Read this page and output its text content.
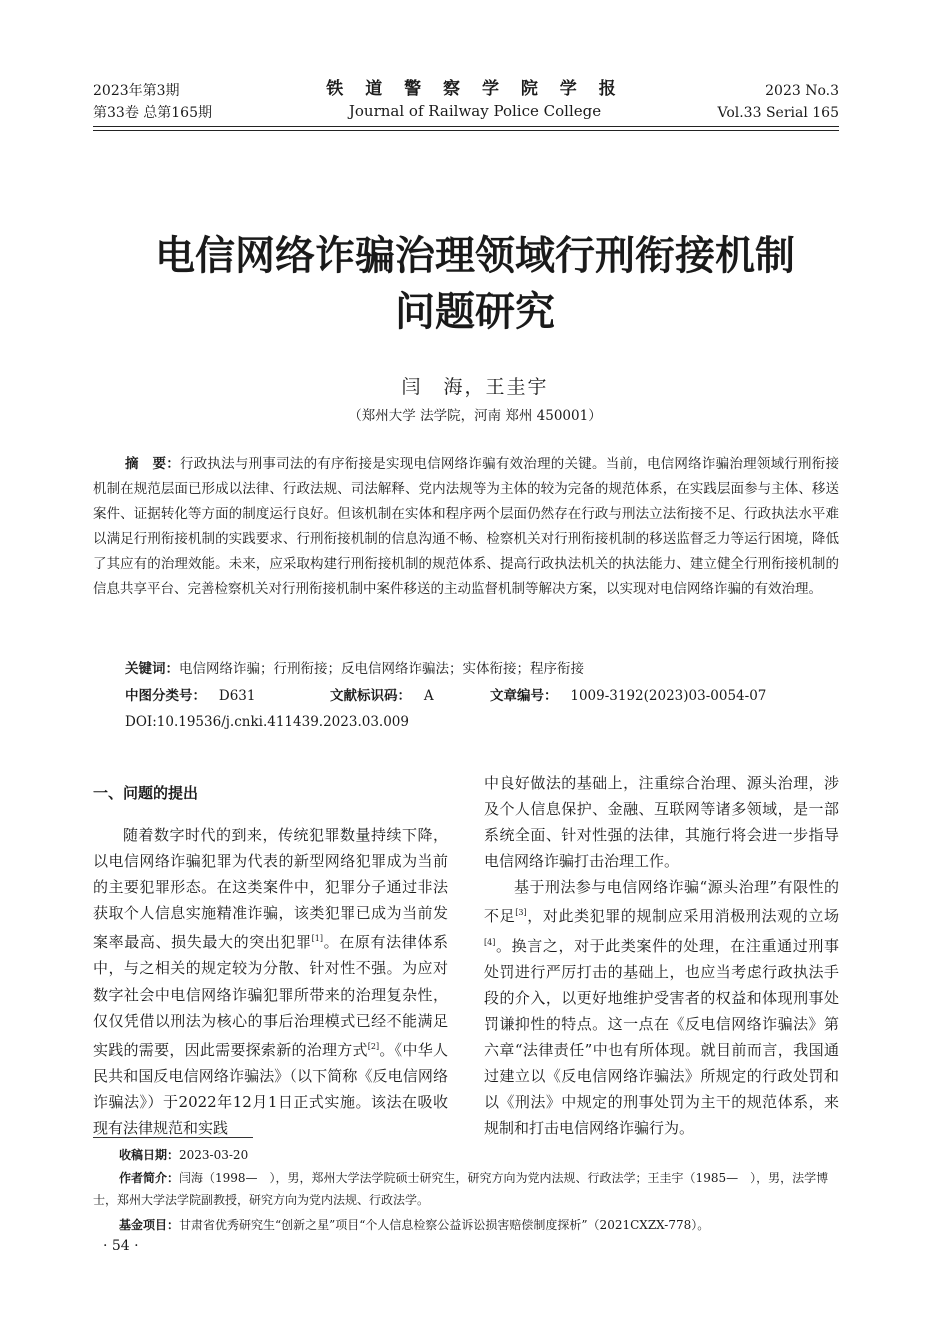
2023年第3期
第33卷 总第165期
铁 道 警 察 学 院 学 报
Journal of Railway Police College
2023 No.3
Vol.33 Serial 165
电信网络诈骗治理领域行刑衔接机制
问题研究
闫　海，王圭宇
（郑州大学 法学院，河南 郑州 450001）
摘　要：行政执法与刑事司法的有序衔接是实现电信网络诈骗有效治理的关键。当前，电信网络诈骗治理领域行刑衔接机制在规范层面已形成以法律、行政法规、司法解释、党内法规等为主体的较为完备的规范体系，在实践层面参与主体、移送案件、证据转化等方面的制度运行良好。但该机制在实体和程序两个层面仍然存在行政与刑法立法衔接不足、行政执法水平难以满足行刑衔接机制的实践要求、行刑衔接机制的信息沟通不畅、检察机关对行刑衔接机制的移送监督乏力等运行困境，降低了其应有的治理效能。未来，应采取构建行刑衔接机制的规范体系、提高行政执法机关的执法能力、建立健全行刑衔接机制的信息共享平台、完善检察机关对行刑衔接机制中案件移送的主动监督机制等解决方案，以实现对电信网络诈骗的有效治理。
关键词：电信网络诈骗；行刑衔接；反电信网络诈骗法；实体衔接；程序衔接
中图分类号： D631	文献标识码： A	文章编号： 1009-3192(2023)03-0054-07
DOI:10.19536/j.cnki.411439.2023.03.009
一、问题的提出

随着数字时代的到来，传统犯罪数量持续下降，以电信网络诈骗犯罪为代表的新型网络犯罪成为当前的主要犯罪形态。在这类案件中，犯罪分子通过非法获取个人信息实施精准诈骗，该类犯罪已成为当前发案率最高、损失最大的突出犯罪[1]。在原有法律体系中，与之相关的规定较为分散、针对性不强。为应对数字社会中电信网络诈骗犯罪所带来的治理复杂性，仅仅凭借以刑法为核心的事后治理模式已经不能满足实践的需要，因此需要探索新的治理方式[2]。《中华人民共和国反电信网络诈骗法》（以下简称《反电信网络诈骗法》）于2022年12月1日正式实施。该法在吸收现有法律规范和实践

中良好做法的基础上，注重综合治理、源头治理，涉及个人信息保护、金融、互联网等诸多领域，是一部系统全面、针对性强的法律，其施行将会进一步指导电信网络诈骗打击治理工作。

基于刑法参与电信网络诈骗“源头治理”有限性的不足[3]，对此类犯罪的规制应采用消极刑法观的立场[4]。换言之，对于此类案件的处理，在注重通过刑事处罚进行严厉打击的基础上，也应当考虑行政执法手段的介入，以更好地维护受害者的权益和体现刑事处罚谦抑性的特点。这一点在《反电信网络诈骗法》第六章“法律责任”中也有所体现。就目前而言，我国通过建立以《反电信网络诈骗法》所规定的行政处罚和以《刑法》中规定的刑事处罚为主干的规范体系，来规制和打击电信网络诈骗行为。

收稿日期：2023-03-20
作者简介：闫海（1998—　），男，郑州大学法学院硕士研究生，研究方向为党内法规、行政法学；王圭宇（1985—　），男，法学博士，郑州大学法学院副教授，研究方向为党内法规、行政法学。
基金项目：甘肃省优秀研究生“创新之星”项目“个人信息检察公益诉讼损害赔偿制度探析”（2021CXZX-778）。
· 54 ·
